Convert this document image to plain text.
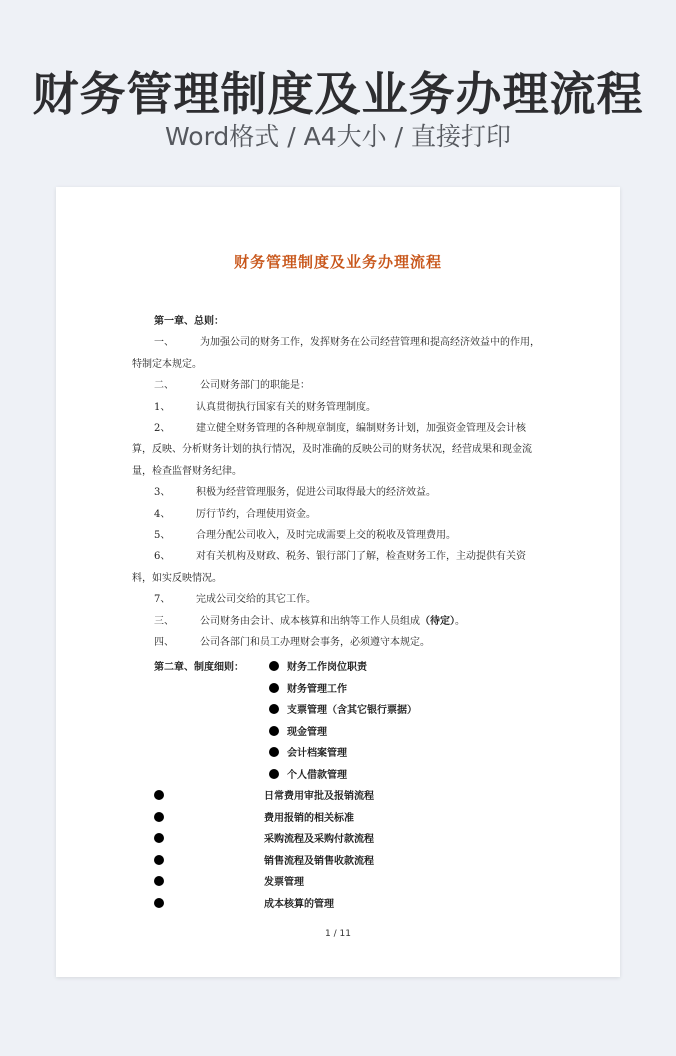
财务管理制度及业务办理流程
Word格式 / A4大小 / 直接打印
财务管理制度及业务办理流程

第一章、总则：

一、	为加强公司的财务工作，发挥财务在公司经营管理和提高经济效益中的作用，特制定本规定。

二、	公司财务部门的职能是：

1、	认真贯彻执行国家有关的财务管理制度。

2、	建立健全财务管理的各种规章制度，编制财务计划，加强资金管理及会计核算，反映、分析财务计划的执行情况，及时准确的反映公司的财务状况，经营成果和现金流量，检查监督财务纪律。

3、	积极为经营管理服务，促进公司取得最大的经济效益。

4、	厉行节约，合理使用资金。

5、	合理分配公司收入，及时完成需要上交的税收及管理费用。

6、	对有关机构及财政、税务、银行部门了解，检查财务工作，主动提供有关资料，如实反映情况。

7、	完成公司交给的其它工作。

三、	公司财务由会计、成本核算和出纳等工作人员组成（待定）。

四、	公司各部门和员工办理财会事务，必须遵守本规定。

第二章、制度细则：	财务工作岗位职责
财务管理工作
支票管理（含其它银行票据）
现金管理
会计档案管理
个人借款管理
日常费用审批及报销流程
费用报销的相关标准
采购流程及采购付款流程
销售流程及销售收款流程
发票管理
成本核算的管理
1 / 11
